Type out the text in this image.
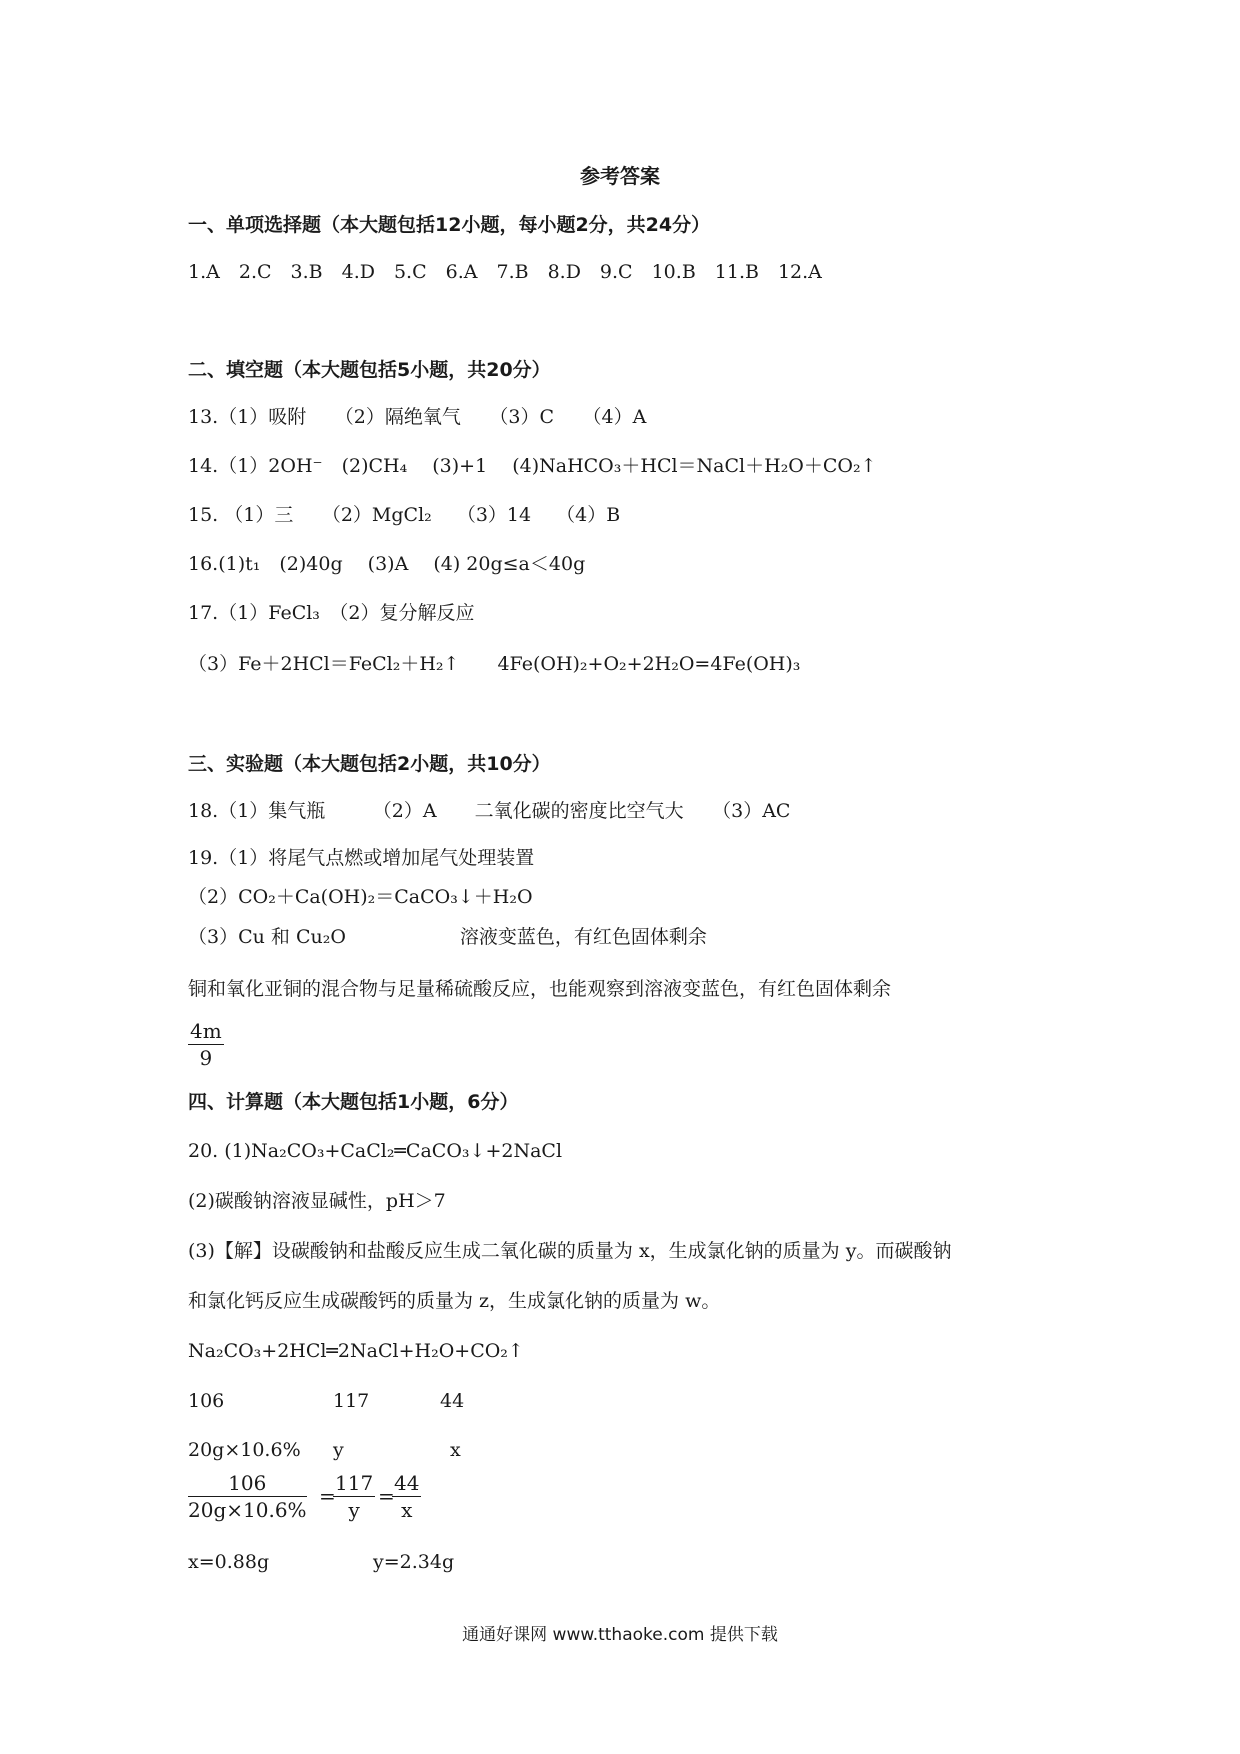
参考答案
一、单项选择题（本大题包括12小题，每小题2分，共24分）
1.A　2.C　3.B　4.D　5.C　6.A　7.B　8.D　9.C　10.B　11.B　12.A
二、填空题（本大题包括5小题，共20分）
13.（1）吸附　　（2）隔绝氧气　　（3）C　　（4）A
14.（1）2OH⁻　(2)CH₄　 (3)+1　 (4)NaHCO₃＋HCl＝NaCl＋H₂O＋CO₂↑
15. （1）三　　（2）MgCl₂　 （3）14　 （4）B
16.(1)t₁　(2)40g　 (3)A　 (4) 20g≤a＜40g
17.（1）FeCl₃　（2）复分解反应
（3）Fe＋2HCl＝FeCl₂＋H₂↑　　4Fe(OH)₂+O₂+2H₂O=4Fe(OH)₃
三、实验题（本大题包括2小题，共10分）
18.（1）集气瓶　　　（2）A　　二氧化碳的密度比空气大　　（3）AC
19.（1）将尾气点燃或增加尾气处理装置
（2）CO₂＋Ca(OH)₂＝CaCO₃↓＋H₂O
（3）Cu 和 Cu₂O　　　　　　溶液变蓝色，有红色固体剩余
铜和氧化亚铜的混合物与足量稀硫酸反应，也能观察到溶液变蓝色，有红色固体剩余
$\frac{4m}{9}$
四、计算题（本大题包括1小题，6分）
20. (1)Na₂CO₃+CaCl₂═CaCO₃↓+2NaCl
(2)碳酸钠溶液显碱性，pH＞7
(3)【解】设碳酸钠和盐酸反应生成二氧化碳的质量为 x，生成氯化钠的质量为 y。而碳酸钠
和氯化钙反应生成碳酸钙的质量为 z，生成氯化钠的质量为 w。
Na₂CO₃+2HCl═2NaCl+H₂O+CO₂↑
106	117	44
20g×10.6% y	x
$\frac{106}{20g\times 10.6\%}$ =
$\frac{117}{y}$ =
$\frac{44}{x}$
x=0.88g	y=2.34g
通通好课网 www.tthaoke.com 提供下载
